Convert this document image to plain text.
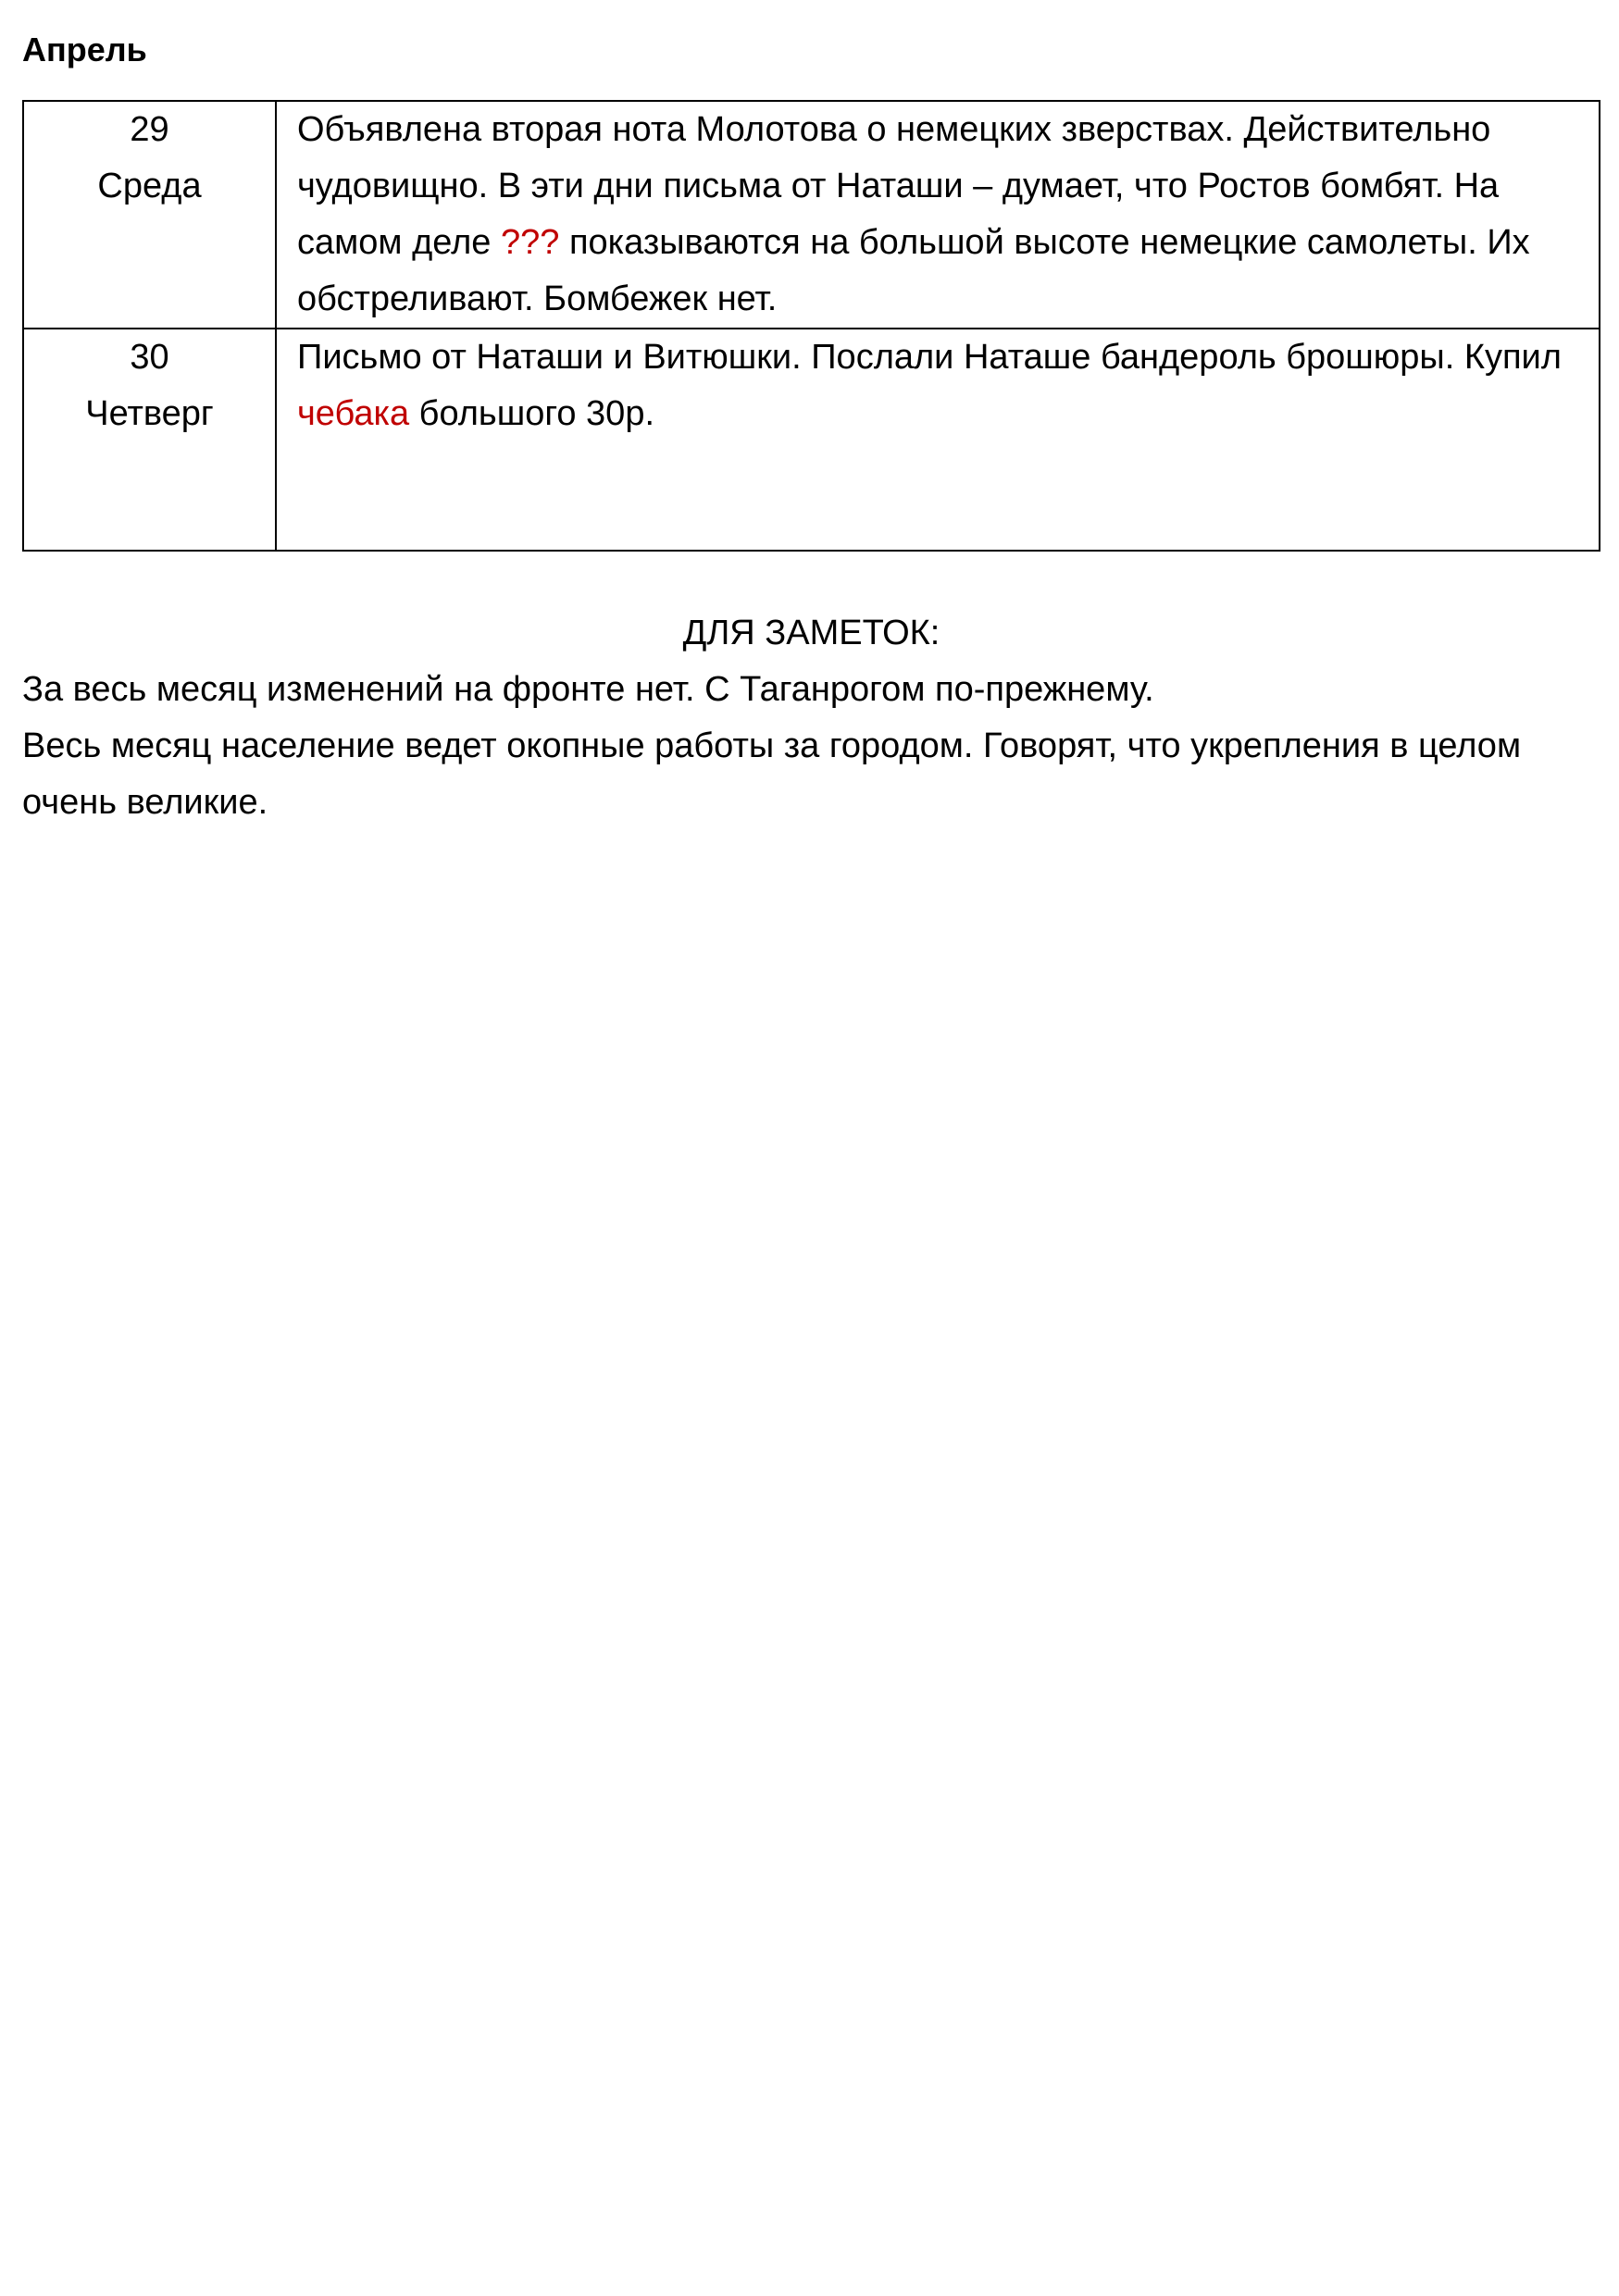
Апрель
29
Среда	Объявлена вторая нота Молотова о немецких зверствах. Действительно чудовищно. В эти дни письма от Наташи – думает, что Ростов бомбят. На самом деле ??? показываются на большой высоте немецкие самолеты. Их обстреливают. Бомбежек нет.

30
Четверг	Письмо от Наташи и Витюшки. Послали Наташе бандероль брошюры. Купил чебака большого 30р.
ДЛЯ ЗАМЕТОК:

За весь месяц изменений на фронте нет. С Таганрогом по-прежнему.

Весь месяц население ведет окопные работы за городом. Говорят, что укрепления в целом очень великие.
